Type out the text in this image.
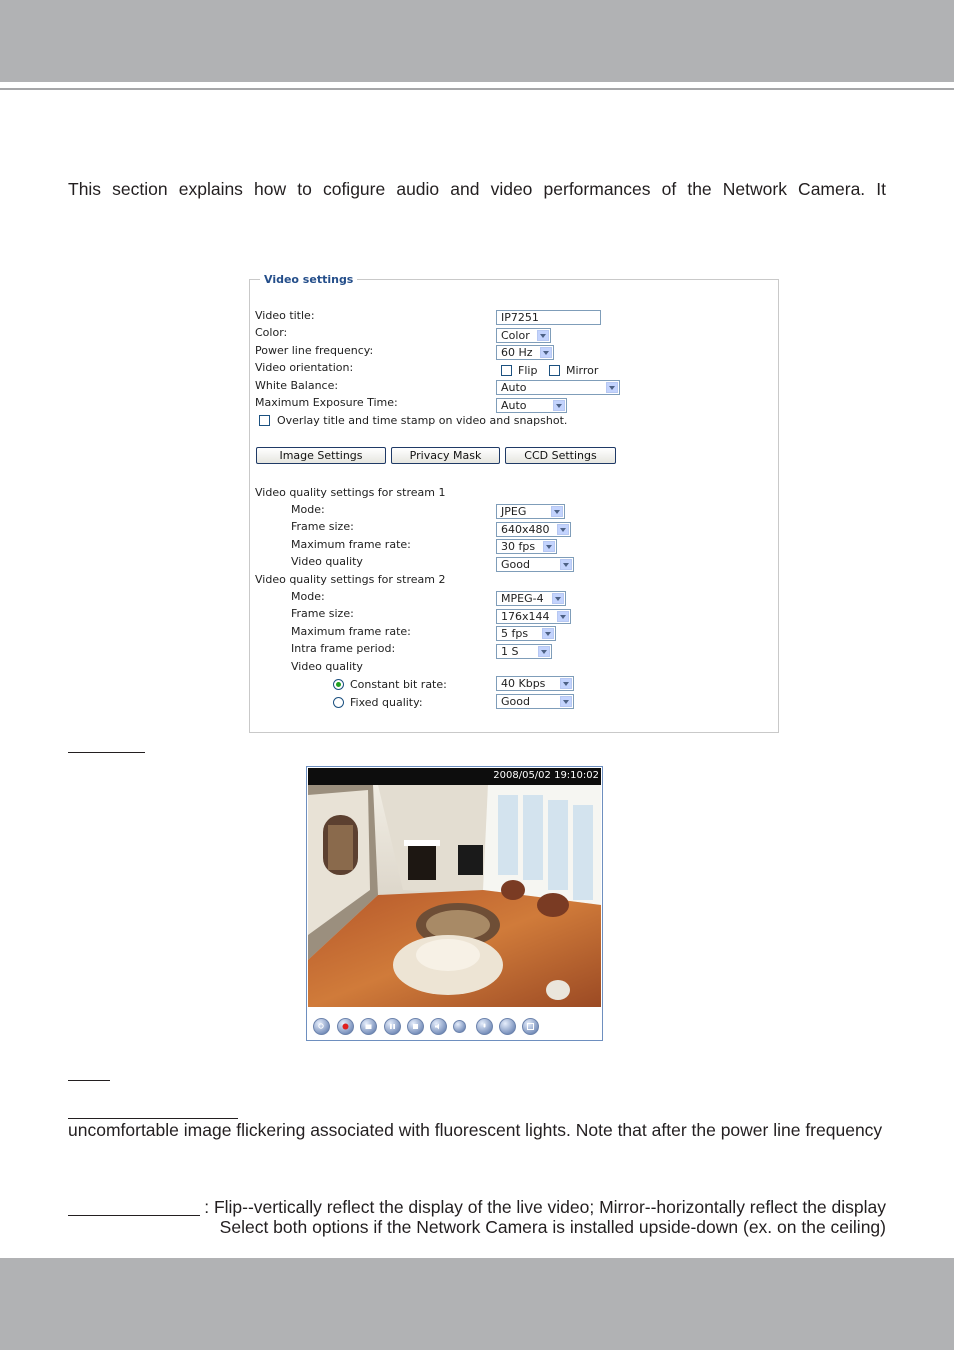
This section explains how to cofigure audio and video performances of the Network Camera. It
Video settings
Video title:	IP7251
Color:	Color
Power line frequency:	60 Hz
Video orientation:	Flip	Mirror
White Balance:	Auto
Maximum Exposure Time:	Auto
Overlay title and time stamp on video and snapshot.
Image Settings	Privacy Mask	CCD Settings
Video quality settings for stream 1
Mode:	JPEG
Frame size:	640x480
Maximum frame rate:	30 fps
Video quality	Good
Video quality settings for stream 2
Mode:	MPEG-4
Frame size:	176x144
Maximum frame rate:	5 fps
Intra frame period:	1 S
Video quality
Constant bit rate:	40 Kbps
Fixed quality:	Good
2008/05/02 19:10:02
uncomfortable image flickering associated with fluorescent lights. Note that after the power line frequency
: Flip--vertically reflect the display of the live video; Mirror--horizontally reflect the display
Select both options if the Network Camera is installed upside-down (ex. on the ceiling)
